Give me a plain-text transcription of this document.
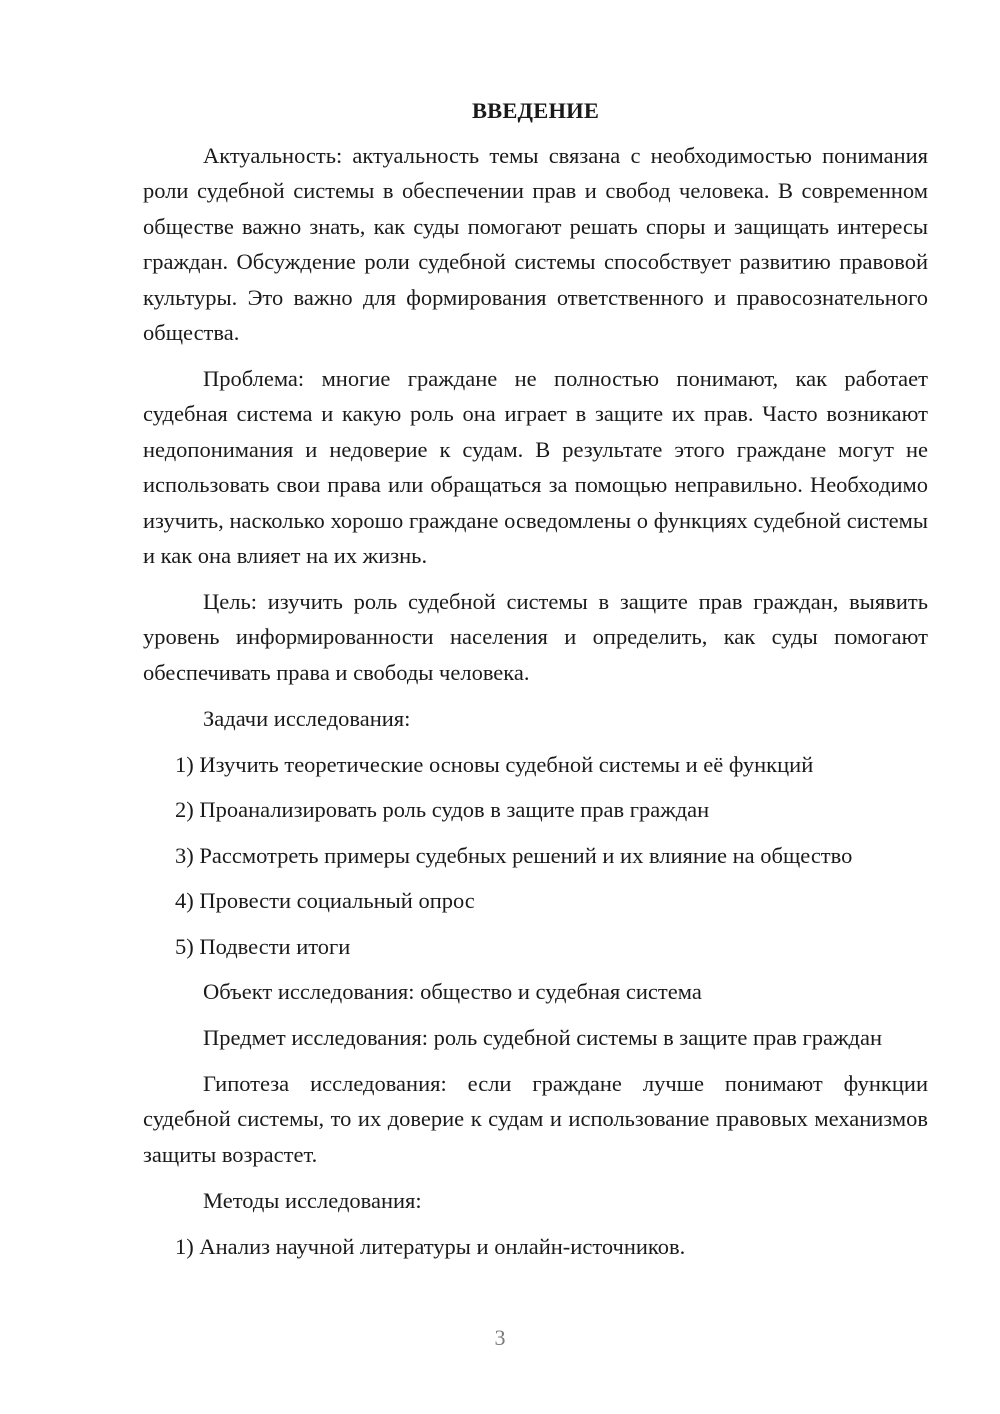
ВВЕДЕНИЕ

Актуальность: актуальность темы связана с необходимостью понимания роли судебной системы в обеспечении прав и свобод человека. В современном обществе важно знать, как суды помогают решать споры и защищать интересы граждан. Обсуждение роли судебной системы способствует развитию правовой культуры. Это важно для формирования ответственного и правосознательного общества.

Проблема: многие граждане не полностью понимают, как работает судебная система и какую роль она играет в защите их прав. Часто возникают недопонимания и недоверие к судам. В результате этого граждане могут не использовать свои права или обращаться за помощью неправильно. Необходимо изучить, насколько хорошо граждане осведомлены о функциях судебной системы и как она влияет на их жизнь.

Цель: изучить роль судебной системы в защите прав граждан, выявить уровень информированности населения и определить, как суды помогают обеспечивать права и свободы человека.

Задачи исследования:

1) Изучить теоретические основы судебной системы и её функций
2) Проанализировать роль судов в защите прав граждан
3) Рассмотреть примеры судебных решений и их влияние на общество
4) Провести социальный опрос
5) Подвести итоги

Объект исследования: общество и судебная система

Предмет исследования: роль судебной системы в защите прав граждан

Гипотеза исследования: если граждане лучше понимают функции судебной системы, то их доверие к судам и использование правовых механизмов защиты возрастет.

Методы исследования:

1) Анализ научной литературы и онлайн-источников.
3
